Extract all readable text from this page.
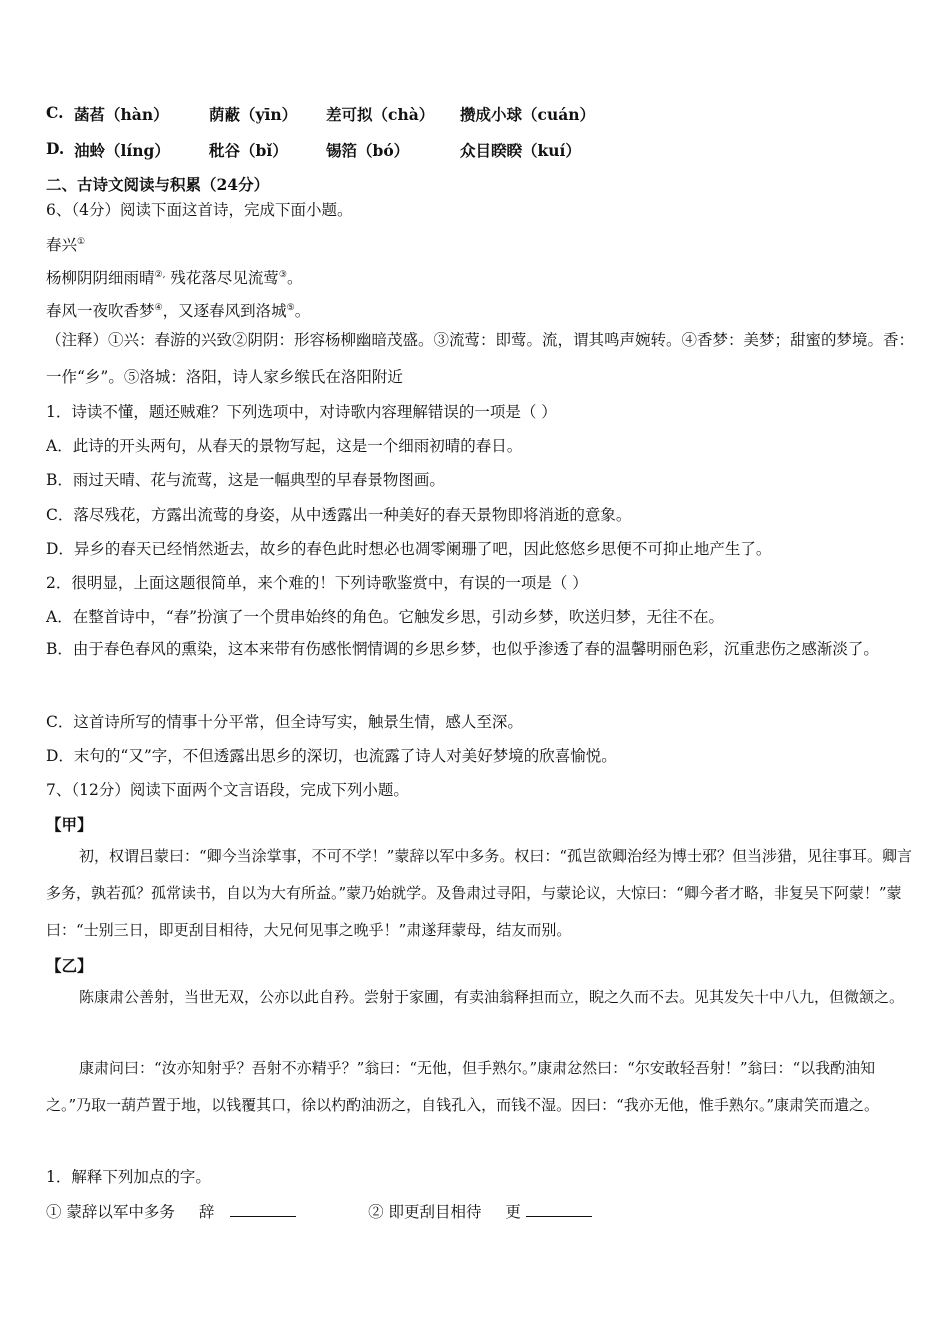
C. 菡萏（hàn）	荫蔽（yīn） 差可拟（chà） 攒成小球（cuán）
D. 油蛉（líng）	秕谷（bǐ） 锡箔（bó）	众目睽睽（kuí）
二、古诗文阅读与积累（24分）
6、（4分）阅读下面这首诗，完成下面小题。
春兴①
杨柳阴阴细雨晴②, 残花落尽见流莺③。
春风一夜吹香梦④，又逐春风到洛城⑤。
（注释）①兴：春游的兴致②阴阴：形容杨柳幽暗茂盛。③流莺：即莺。流，谓其鸣声婉转。④香梦：美梦；甜蜜的梦境。香：一作“乡”。⑤洛城：洛阳，诗人家乡缑氏在洛阳附近
1．诗读不懂，题还贼难？下列选项中，对诗歌内容理解错误的一项是（ ）
A．此诗的开头两句，从春天的景物写起，这是一个细雨初晴的春日。
B．雨过天晴、花与流莺，这是一幅典型的早春景物图画。
C．落尽残花，方露出流莺的身姿，从中透露出一种美好的春天景物即将消逝的意象。
D．异乡的春天已经悄然逝去，故乡的春色此时想必也凋零阑珊了吧，因此悠悠乡思便不可抑止地产生了。
2．很明显，上面这题很简单，来个难的！下列诗歌鉴赏中，有误的一项是（ ）
A．在整首诗中，“春”扮演了一个贯串始终的角色。它触发乡思，引动乡梦，吹送归梦，无往不在。
B．由于春色春风的熏染，这本来带有伤感怅惘情调的乡思乡梦，也似乎渗透了春的温馨明丽色彩，沉重悲伤之感渐淡了。
C．这首诗所写的情事十分平常，但全诗写实，触景生情，感人至深。
D．末句的“又”字，不但透露出思乡的深切，也流露了诗人对美好梦境的欣喜愉悦。
7、（12分）阅读下面两个文言语段，完成下列小题。
【甲】
初，权谓吕蒙曰：“卿今当涂掌事，不可不学！”蒙辞以军中多务。权曰：“孤岂欲卿治经为博士邪？但当涉猎，见往事耳。卿言多务，孰若孤？孤常读书，自以为大有所益。”蒙乃始就学。及鲁肃过寻阳，与蒙论议，大惊曰：“卿今者才略，非复吴下阿蒙！”蒙曰：“士别三日，即更刮目相待，大兄何见事之晚乎！”肃遂拜蒙母，结友而别。
【乙】
陈康肃公善射，当世无双，公亦以此自矜。尝射于家圃，有卖油翁释担而立，睨之久而不去。见其发矢十中八九，但微颔之。
康肃问曰：“汝亦知射乎？吾射不亦精乎？”翁曰：“无他，但手熟尔。”康肃忿然曰：“尔安敢轻吾射！”翁曰：“以我酌油知之。”乃取一葫芦置于地，以钱覆其口，徐以杓酌油沥之，自钱孔入，而钱不湿。因曰：“我亦无他，惟手熟尔。”康肃笑而遣之。
1．解释下列加点的字。
① 蒙辞以军中多务 辞	② 即更刮目相待 更
